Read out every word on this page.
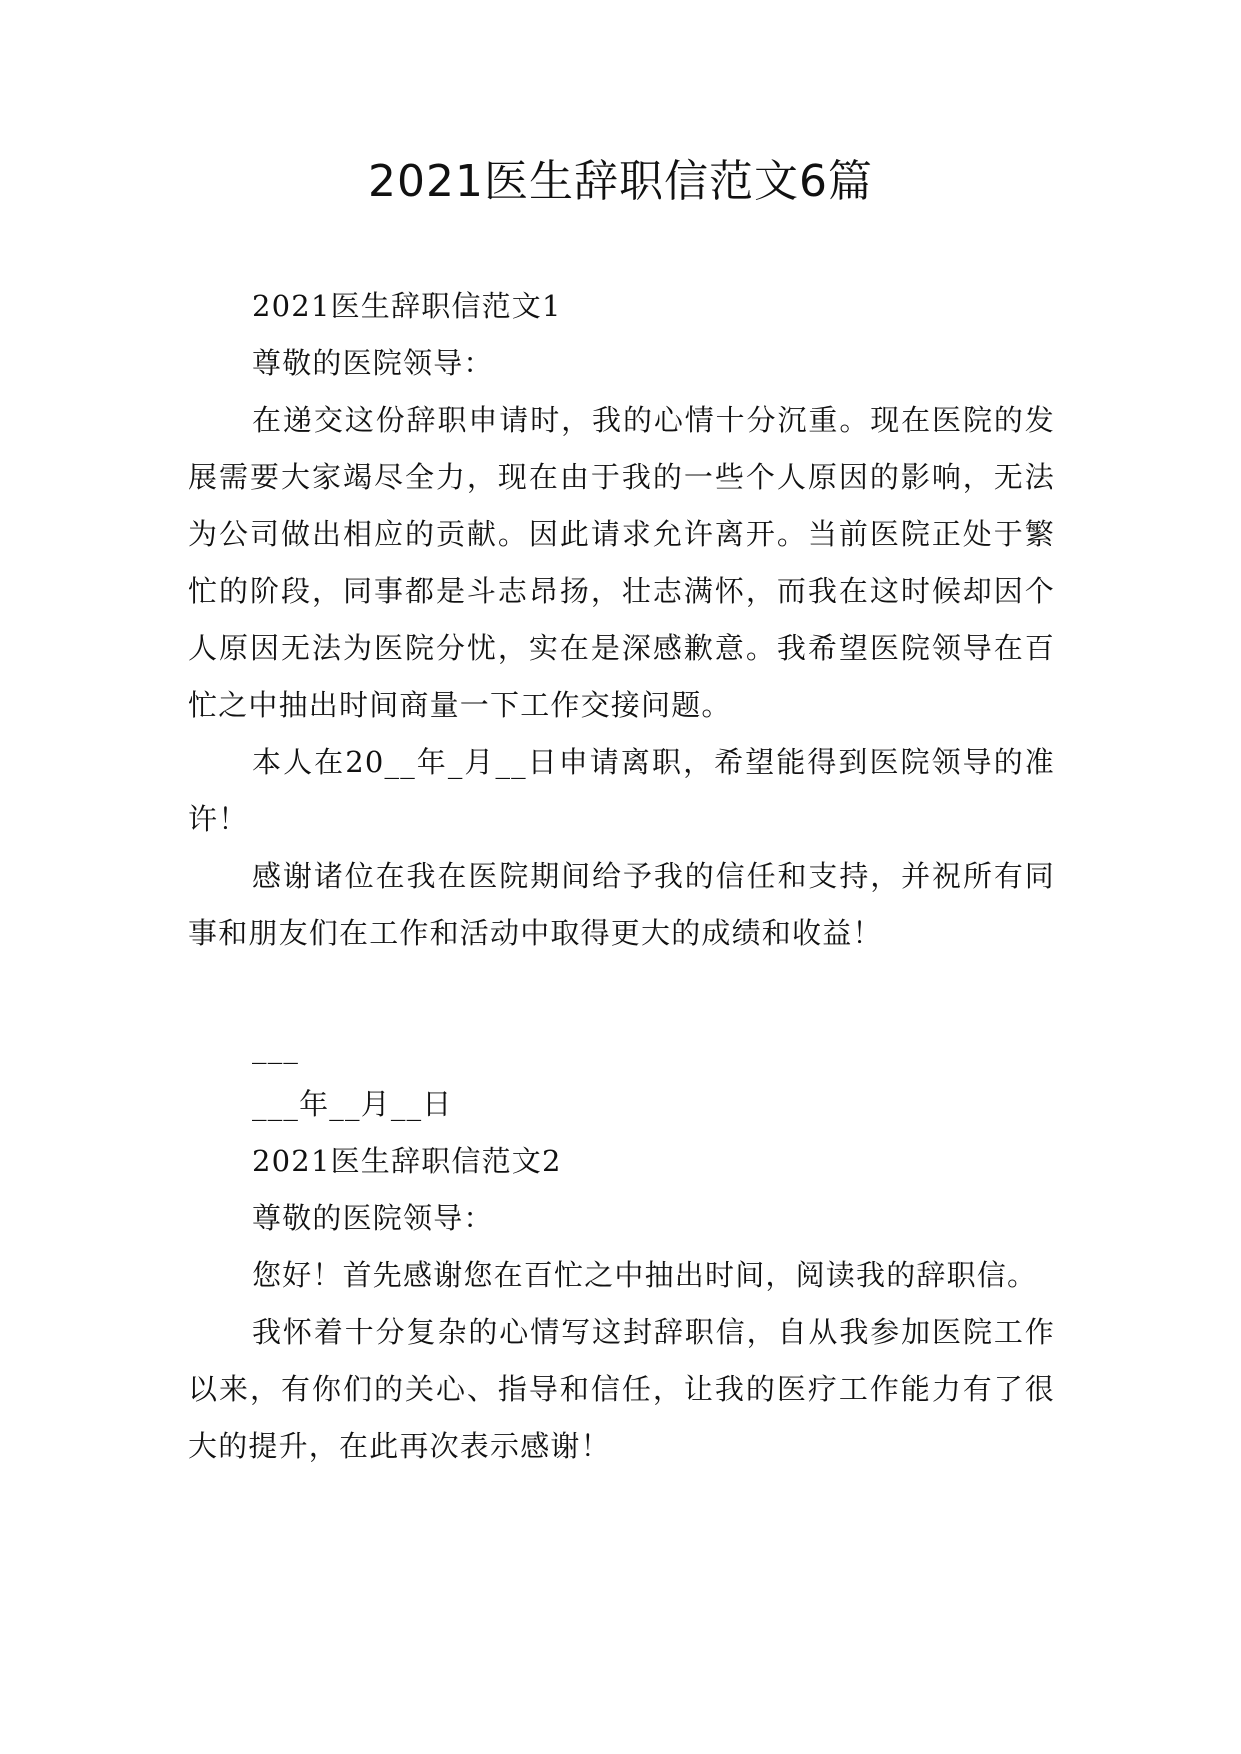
2021医生辞职信范文6篇

2021医生辞职信范文1

尊敬的医院领导：

在递交这份辞职申请时，我的心情十分沉重。现在医院的发展需要大家竭尽全力，现在由于我的一些个人原因的影响，无法为公司做出相应的贡献。因此请求允许离开。当前医院正处于繁忙的阶段，同事都是斗志昂扬，壮志满怀，而我在这时候却因个人原因无法为医院分忧，实在是深感歉意。我希望医院领导在百忙之中抽出时间商量一下工作交接问题。

本人在20__年_月__日申请离职，希望能得到医院领导的准许！

感谢诸位在我在医院期间给予我的信任和支持，并祝所有同事和朋友们在工作和活动中取得更大的成绩和收益！

___

___年__月__日

2021医生辞职信范文2

尊敬的医院领导：

您好！首先感谢您在百忙之中抽出时间，阅读我的辞职信。

我怀着十分复杂的心情写这封辞职信，自从我参加医院工作以来，有你们的关心、指导和信任，让我的医疗工作能力有了很大的提升，在此再次表示感谢！
